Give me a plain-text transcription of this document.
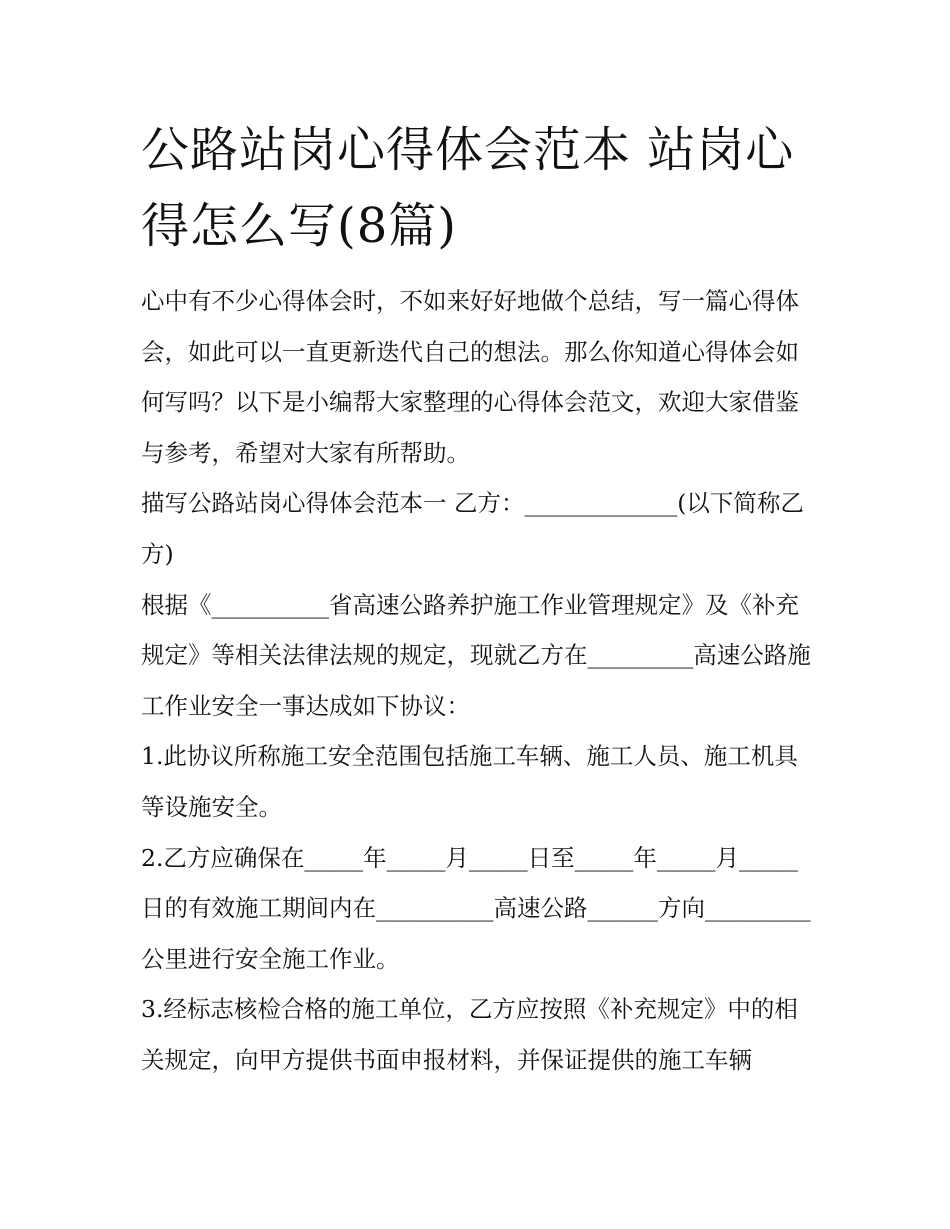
公路站岗心得体会范本 站岗心得怎么写(8篇)

心中有不少心得体会时，不如来好好地做个总结，写一篇心得体会，如此可以一直更新迭代自己的想法。那么你知道心得体会如何写吗？以下是小编帮大家整理的心得体会范文，欢迎大家借鉴与参考，希望对大家有所帮助。

描写公路站岗心得体会范本一 乙方：_____________(以下简称乙方)

根据《__________省高速公路养护施工作业管理规定》及《补充规定》等相关法律法规的规定，现就乙方在_________高速公路施工作业安全一事达成如下协议：

1.此协议所称施工安全范围包括施工车辆、施工人员、施工机具等设施安全。

2.乙方应确保在_____年_____月_____日至_____年_____月_____日的有效施工期间内在__________高速公路______方向_________公里进行安全施工作业。

3.经标志核检合格的施工单位，乙方应按照《补充规定》中的相关规定，向甲方提供书面申报材料，并保证提供的施工车辆
